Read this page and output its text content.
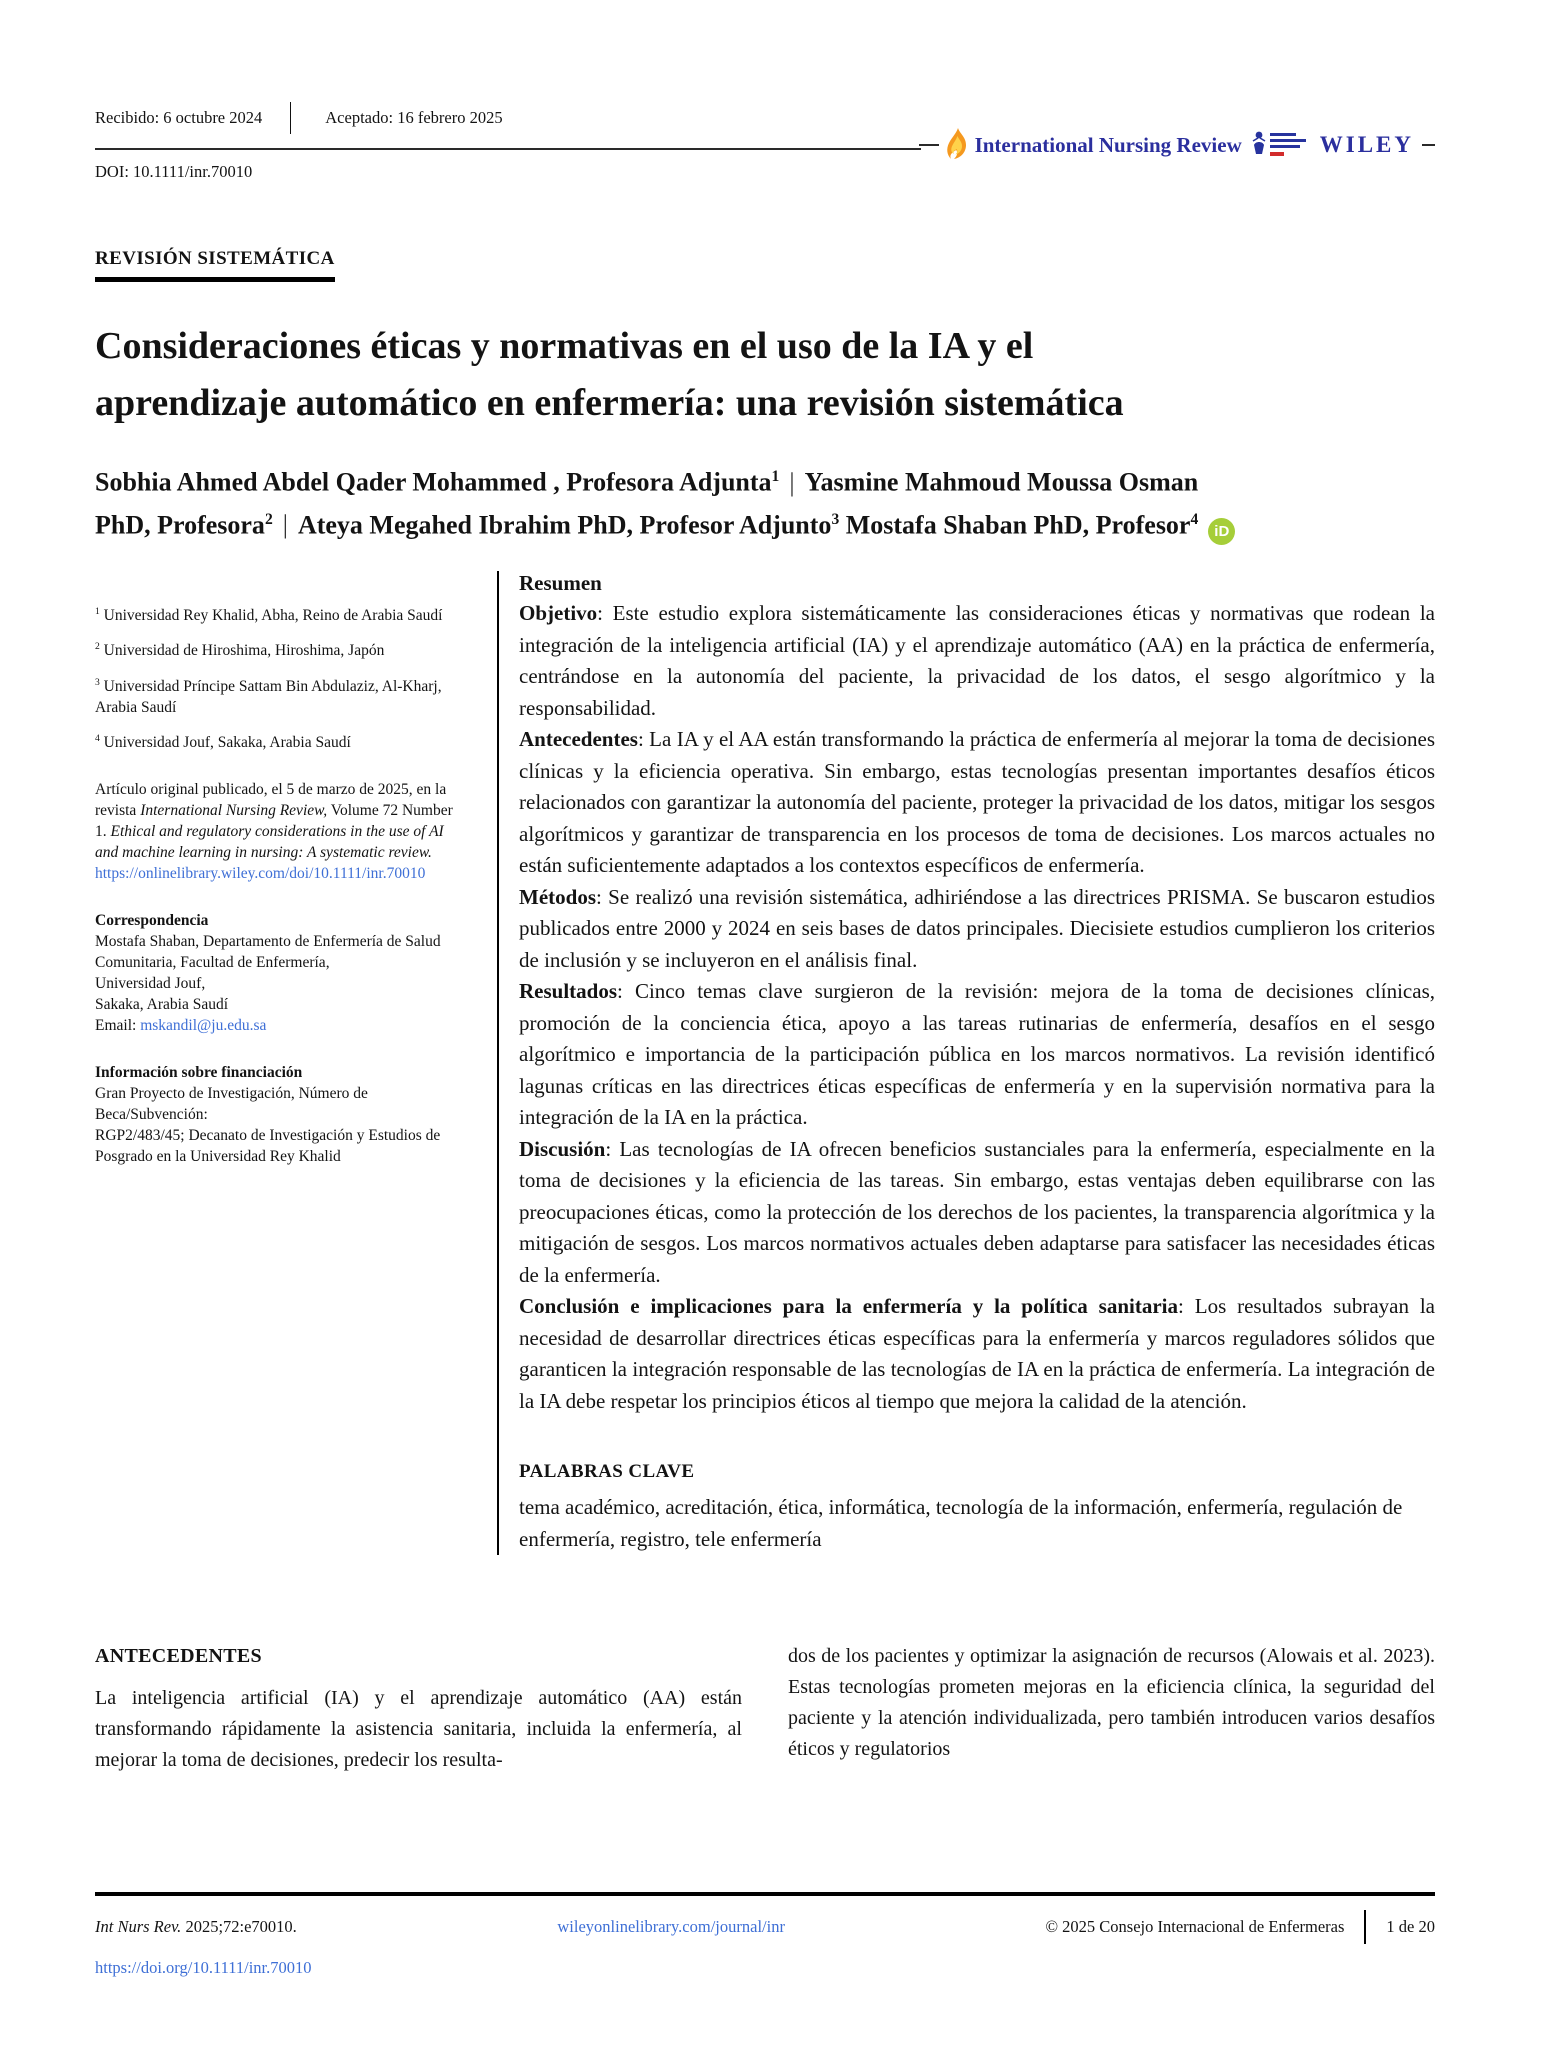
Recibido: 6 octubre 2024	Aceptado: 16 febrero 2025
DOI: 10.1111/inr.70010
International Nursing Review	WILEY
REVISIÓN SISTEMÁTICA
Consideraciones éticas y normativas en el uso de la IA y el
aprendizaje automático en enfermería: una revisión sistemática
Sobhia Ahmed Abdel Qader Mohammed , Profesora Adjunta$^1$ | Yasmine Mahmoud Moussa Osman
PhD, Profesora$^2$ | Ateya Megahed Ibrahim PhD, Profesor Adjunto$^3$ Mostafa Shaban PhD, Profesor$^4$iD
$^1$ Universidad Rey Khalid, Abha, Reino de Arabia Saudí
$^2$ Universidad de Hiroshima, Hiroshima, Japón
$^3$ Universidad Príncipe Sattam Bin Abdulaziz, Al-Kharj, Arabia Saudí
$^4$ Universidad Jouf, Sakaka, Arabia Saudí
Artículo original publicado, el 5 de marzo de 2025, en la revista International Nursing Review, Volume 72 Number 1. Ethical and regulatory considerations in the use of AI and machine learning in nursing: A systematic review.
https://onlinelibrary.wiley.com/doi/10.1111/inr.70010
Correspondencia
Mostafa Shaban, Departamento de Enfermería de Salud Comunitaria, Facultad de Enfermería,
Universidad Jouf,
Sakaka, Arabia Saudí
Email: mskandil@ju.edu.sa
Información sobre financiación
Gran Proyecto de Investigación, Número de Beca/Subvención:
RGP2/483/45; Decanato de Investigación y Estudios de Posgrado en la Universidad Rey Khalid
Resumen

Objetivo: Este estudio explora sistemáticamente las consideraciones éticas y normativas que rodean la integración de la inteligencia artificial (IA) y el aprendizaje automático (AA) en la práctica de enfermería, centrándose en la autonomía del paciente, la privacidad de los datos, el sesgo algorítmico y la responsabilidad.

Antecedentes: La IA y el AA están transformando la práctica de enfermería al mejorar la toma de decisiones clínicas y la eficiencia operativa. Sin embargo, estas tecnologías presentan importantes desafíos éticos relacionados con garantizar la autonomía del paciente, proteger la privacidad de los datos, mitigar los sesgos algorítmicos y garantizar de transparencia en los procesos de toma de decisiones. Los marcos actuales no están suficientemente adaptados a los contextos específicos de enfermería.

Métodos: Se realizó una revisión sistemática, adhiriéndose a las directrices PRISMA. Se buscaron estudios publicados entre 2000 y 2024 en seis bases de datos principales. Diecisiete estudios cumplieron los criterios de inclusión y se incluyeron en el análisis final.

Resultados: Cinco temas clave surgieron de la revisión: mejora de la toma de decisiones clínicas, promoción de la conciencia ética, apoyo a las tareas rutinarias de enfermería, desafíos en el sesgo algorítmico e importancia de la participación pública en los marcos normativos. La revisión identificó lagunas críticas en las directrices éticas específicas de enfermería y en la supervisión normativa para la integración de la IA en la práctica.

Discusión: Las tecnologías de IA ofrecen beneficios sustanciales para la enfermería, especialmente en la toma de decisiones y la eficiencia de las tareas. Sin embargo, estas ventajas deben equilibrarse con las preocupaciones éticas, como la protección de los derechos de los pacientes, la transparencia algorítmica y la mitigación de sesgos. Los marcos normativos actuales deben adaptarse para satisfacer las necesidades éticas de la enfermería.

Conclusión e implicaciones para la enfermería y la política sanitaria: Los resultados subrayan la necesidad de desarrollar directrices éticas específicas para la enfermería y marcos reguladores sólidos que garanticen la integración responsable de las tecnologías de IA en la práctica de enfermería. La integración de la IA debe respetar los principios éticos al tiempo que mejora la calidad de la atención.

PALABRAS CLAVE
tema académico, acreditación, ética, informática, tecnología de la información, enfermería, regulación de enfermería, registro, tele enfermería
ANTECEDENTES
La inteligencia artificial (IA) y el aprendizaje automático (AA) están transformando rápidamente la asistencia sanitaria, incluida la enfermería, al mejorar la toma de decisiones, predecir los resulta-
dos de los pacientes y optimizar la asignación de recursos (Alowais et al. 2023). Estas tecnologías prometen mejoras en la eficiencia clínica, la seguridad del paciente y la atención individualizada, pero también introducen varios desafíos éticos y regulatorios
Int Nurs Rev. 2025;72:e70010.	wileyonlinelibrary.com/journal/inr	© 2025 Consejo Internacional de Enfermeras	1 de 20
https://doi.org/10.1111/inr.70010
